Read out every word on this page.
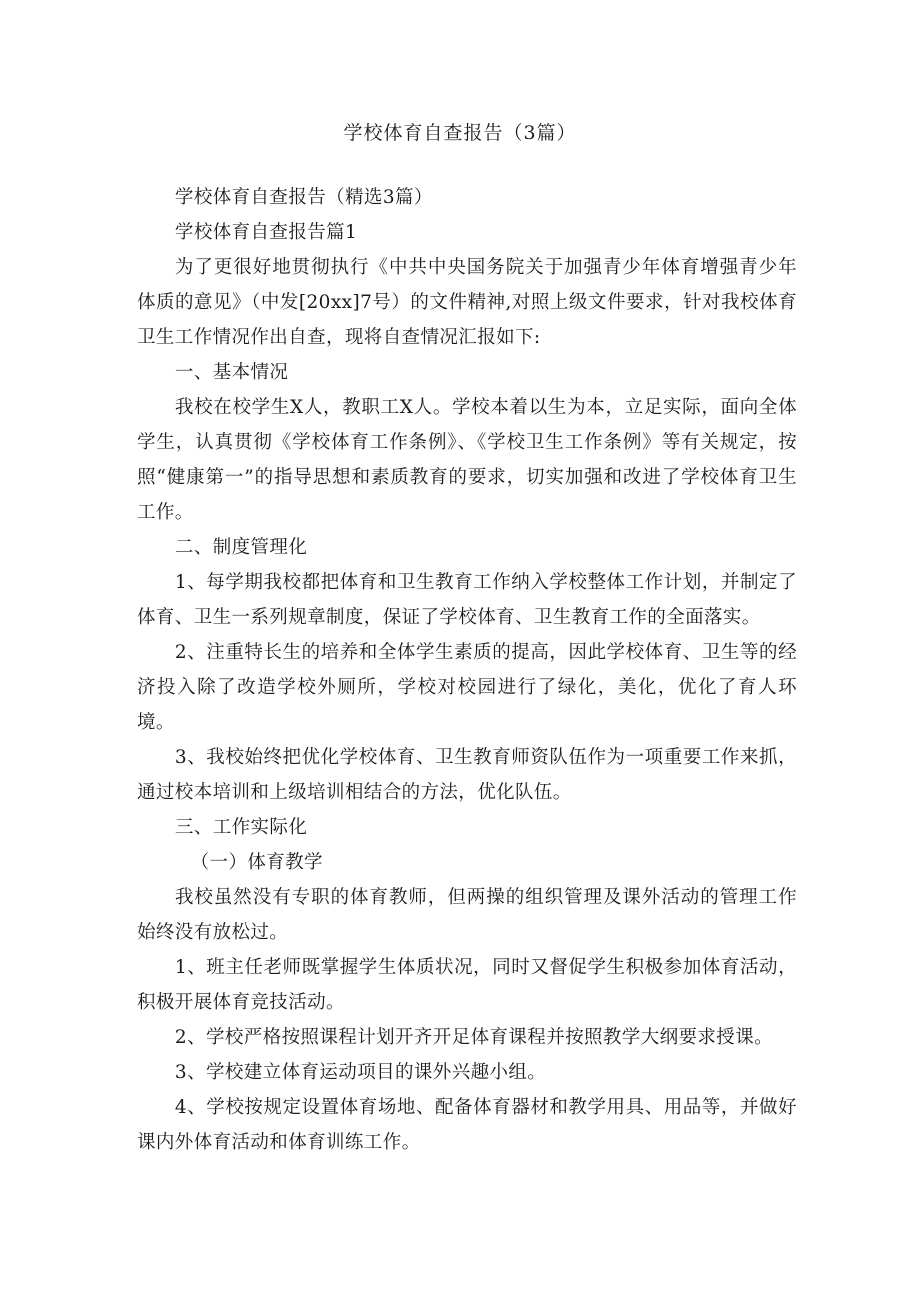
学校体育自查报告（3篇）

学校体育自查报告（精选3篇）

学校体育自查报告篇1

为了更很好地贯彻执行《中共中央国务院关于加强青少年体育增强青少年体质的意见》（中发[20xx]7号）的文件精神,对照上级文件要求，针对我校体育卫生工作情况作出自查，现将自查情况汇报如下:

一、基本情况

我校在校学生X人，教职工X人。学校本着以生为本，立足实际，面向全体学生，认真贯彻《学校体育工作条例》、《学校卫生工作条例》等有关规定，按照“健康第一”的指导思想和素质教育的要求，切实加强和改进了学校体育卫生工作。

二、制度管理化

1、每学期我校都把体育和卫生教育工作纳入学校整体工作计划，并制定了体育、卫生一系列规章制度，保证了学校体育、卫生教育工作的全面落实。

2、注重特长生的培养和全体学生素质的提高，因此学校体育、卫生等的经济投入除了改造学校外厕所，学校对校园进行了绿化，美化，优化了育人环境。

3、我校始终把优化学校体育、卫生教育师资队伍作为一项重要工作来抓，通过校本培训和上级培训相结合的方法，优化队伍。

三、工作实际化

（一）体育教学

我校虽然没有专职的体育教师，但两操的组织管理及课外活动的管理工作始终没有放松过。

1、班主任老师既掌握学生体质状况，同时又督促学生积极参加体育活动，积极开展体育竞技活动。

2、学校严格按照课程计划开齐开足体育课程并按照教学大纲要求授课。

3、学校建立体育运动项目的课外兴趣小组。

4、学校按规定设置体育场地、配备体育器材和教学用具、用品等，并做好课内外体育活动和体育训练工作。
